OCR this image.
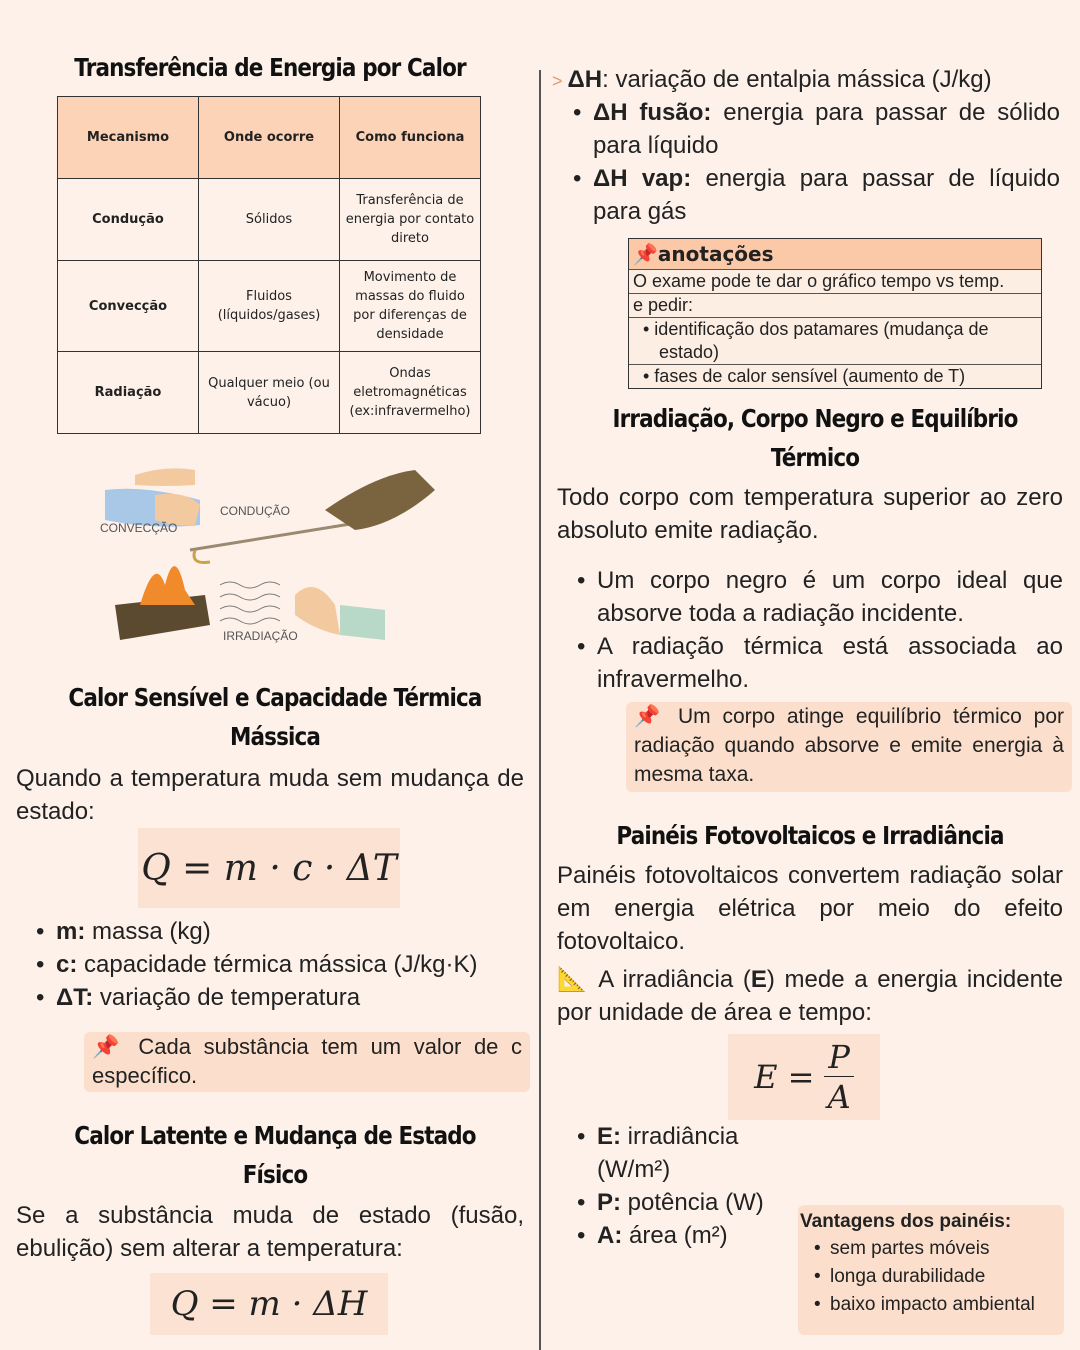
Transferência de Energia por Calor
Mecanismo	Onde ocorre	Como funciona
Condução	Sólidos	Transferência de energia por contato direto
Convecção	Fluidos (líquidos/gases)	Movimento de massas do fluido por diferenças de densidade
Radiação	Qualquer meio (ou vácuo)	Ondas eletromagnéticas (ex:infravermelho)
CONVECÇÃO
CONDUÇÃO
IRRADIAÇÃO
Calor Sensível e Capacidade Térmica Mássica
Quando a temperatura muda sem mudança de estado:
Q = m · c · ΔT
• m: massa (kg)
• c: capacidade térmica mássica (J/kg·K)
• ΔT: variação de temperatura
📌 Cada substância tem um valor de c específico.
Calor Latente e Mudança de Estado Físico
Se a substância muda de estado (fusão, ebulição) sem alterar a temperatura:
Q = m · ΔH
> ΔH: variação de entalpia mássica (J/kg)
• ΔH fusão: energia para passar de sólido para líquido
• ΔH vap: energia para passar de líquido para gás
📌anotações
O exame pode te dar o gráfico tempo vs temp.
e pedir:
• identificação dos patamares (mudança de
estado)
• fases de calor sensível (aumento de T)
Irradiação, Corpo Negro e Equilíbrio Térmico
Todo corpo com temperatura superior ao zero absoluto emite radiação.
• Um corpo negro é um corpo ideal que absorve toda a radiação incidente.
• A radiação térmica está associada ao infravermelho.
📌 Um corpo atinge equilíbrio térmico por radiação quando absorve e emite energia à mesma taxa.
Painéis Fotovoltaicos e Irradiância
Painéis fotovoltaicos convertem radiação solar em energia elétrica por meio do efeito fotovoltaico.
📐 A irradiância (E) mede a energia incidente por unidade de área e tempo:
$E = \frac{P}{A}$
• E: irradiância (W/m²)
• P: potência (W)
• A: área (m²)
Vantagens dos painéis:
• sem partes móveis
• longa durabilidade
• baixo impacto ambiental
